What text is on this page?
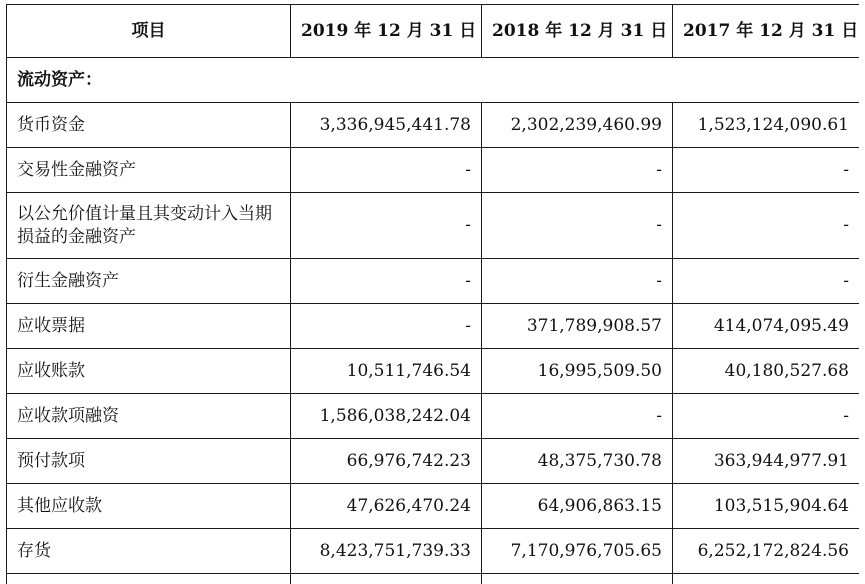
项目	2019 年 12 月 31 日	2018 年 12 月 31 日	2017 年 12 月 31 日
流动资产：			
货币资金	3,336,945,441.78	2,302,239,460.99	1,523,124,090.61
交易性金融资产	-	-	-
以公允价值计量且其变动计入当期损益的金融资产	-	-	-
衍生金融资产	-	-	-
应收票据	-	371,789,908.57	414,074,095.49
应收账款	10,511,746.54	16,995,509.50	40,180,527.68
应收款项融资	1,586,038,242.04	-	-
预付款项	66,976,742.23	48,375,730.78	363,944,977.91
其他应收款	47,626,470.24	64,906,863.15	103,515,904.64
存货	8,423,751,739.33	7,170,976,705.65	6,252,172,824.56
